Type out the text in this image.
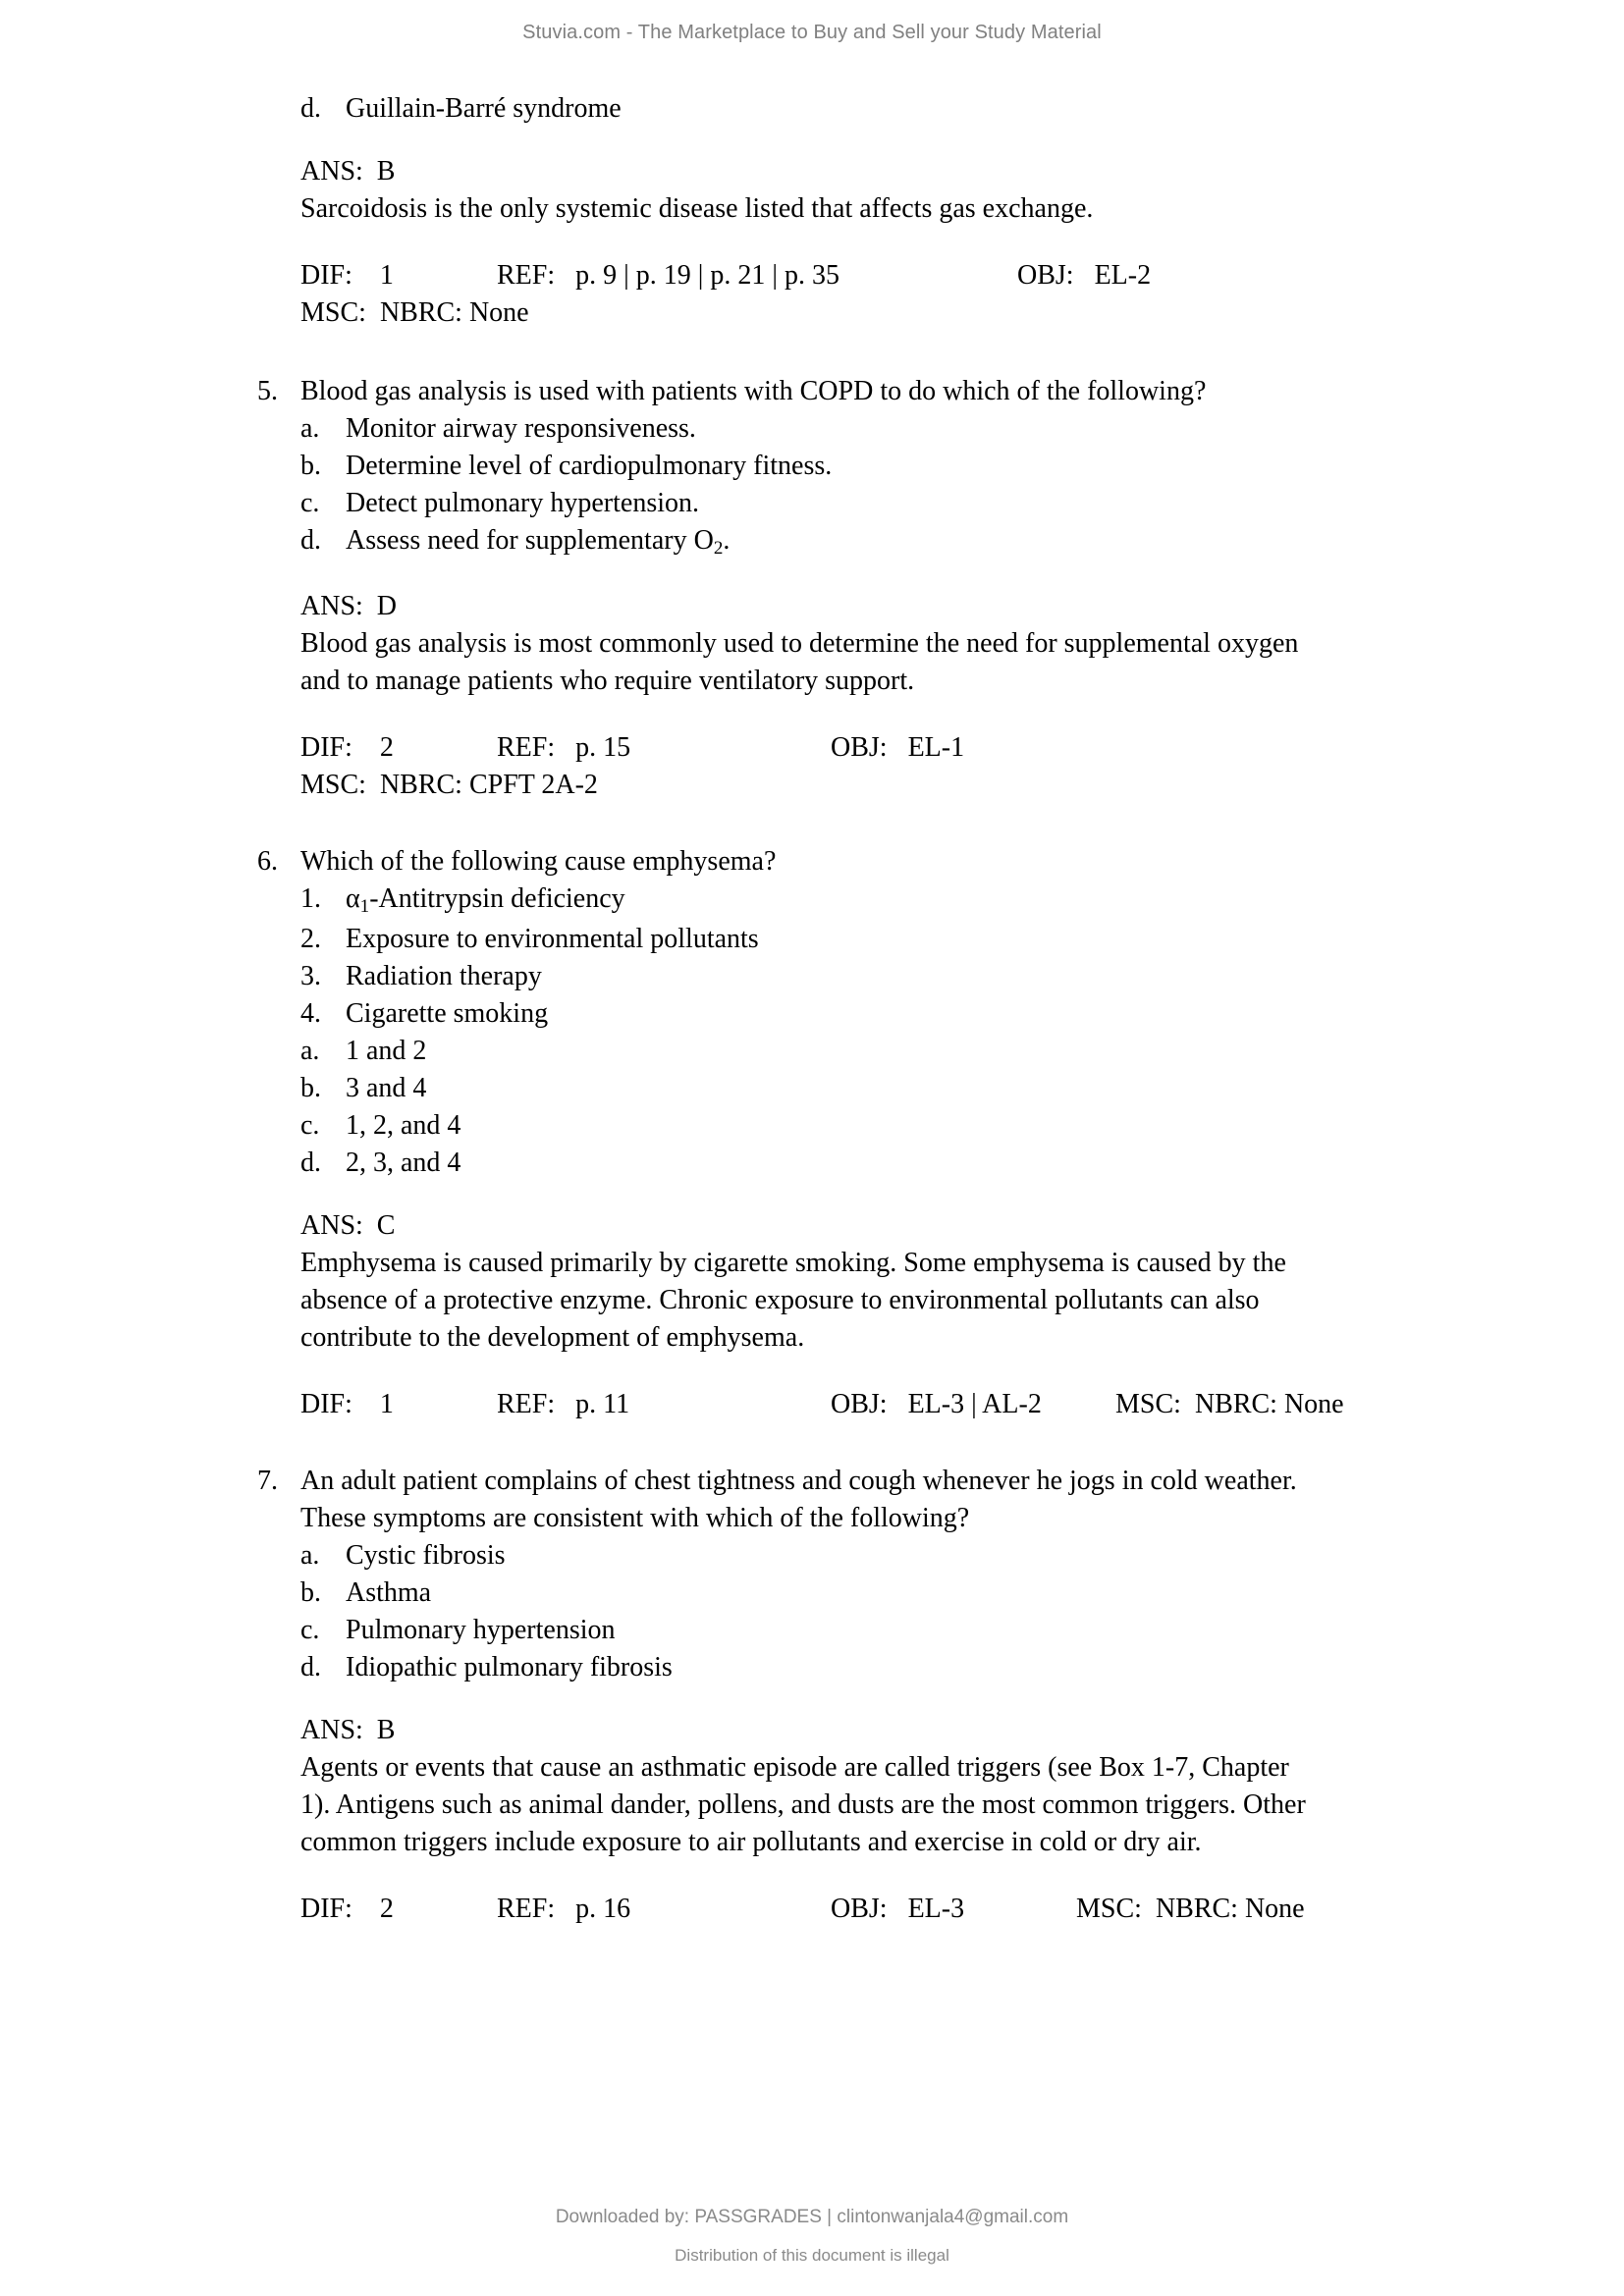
Stuvia.com - The Marketplace to Buy and Sell your Study Material
d. Guillain-Barré syndrome
ANS: B
Sarcoidosis is the only systemic disease listed that affects gas exchange.
DIF: 1	REF: p. 9 | p. 19 | p. 21 | p. 35	OBJ: EL-2
MSC: NBRC: None
5. Blood gas analysis is used with patients with COPD to do which of the following?
a. Monitor airway responsiveness.
b. Determine level of cardiopulmonary fitness.
c. Detect pulmonary hypertension.
d. Assess need for supplementary $O_2$.
ANS: D
Blood gas analysis is most commonly used to determine the need for supplemental oxygen and to manage patients who require ventilatory support.
DIF: 2	REF: p. 15	OBJ: EL-1
MSC: NBRC: CPFT 2A-2
6. Which of the following cause emphysema?
1. $\alpha_1$-Antitrypsin deficiency
2. Exposure to environmental pollutants
3. Radiation therapy
4. Cigarette smoking
a. 1 and 2
b. 3 and 4
c. 1, 2, and 4
d. 2, 3, and 4
ANS: C
Emphysema is caused primarily by cigarette smoking. Some emphysema is caused by the absence of a protective enzyme. Chronic exposure to environmental pollutants can also contribute to the development of emphysema.
DIF: 1	REF: p. 11	OBJ: EL-3 | AL-2	MSC: NBRC: None
7. An adult patient complains of chest tightness and cough whenever he jogs in cold weather. These symptoms are consistent with which of the following?
a. Cystic fibrosis
b. Asthma
c. Pulmonary hypertension
d. Idiopathic pulmonary fibrosis
ANS: B
Agents or events that cause an asthmatic episode are called triggers (see Box 1-7, Chapter 1). Antigens such as animal dander, pollens, and dusts are the most common triggers. Other common triggers include exposure to air pollutants and exercise in cold or dry air.
DIF: 2	REF: p. 16	OBJ: EL-3	MSC: NBRC: None
Downloaded by: PASSGRADES | clintonwanjala4@gmail.com
Distribution of this document is illegal
